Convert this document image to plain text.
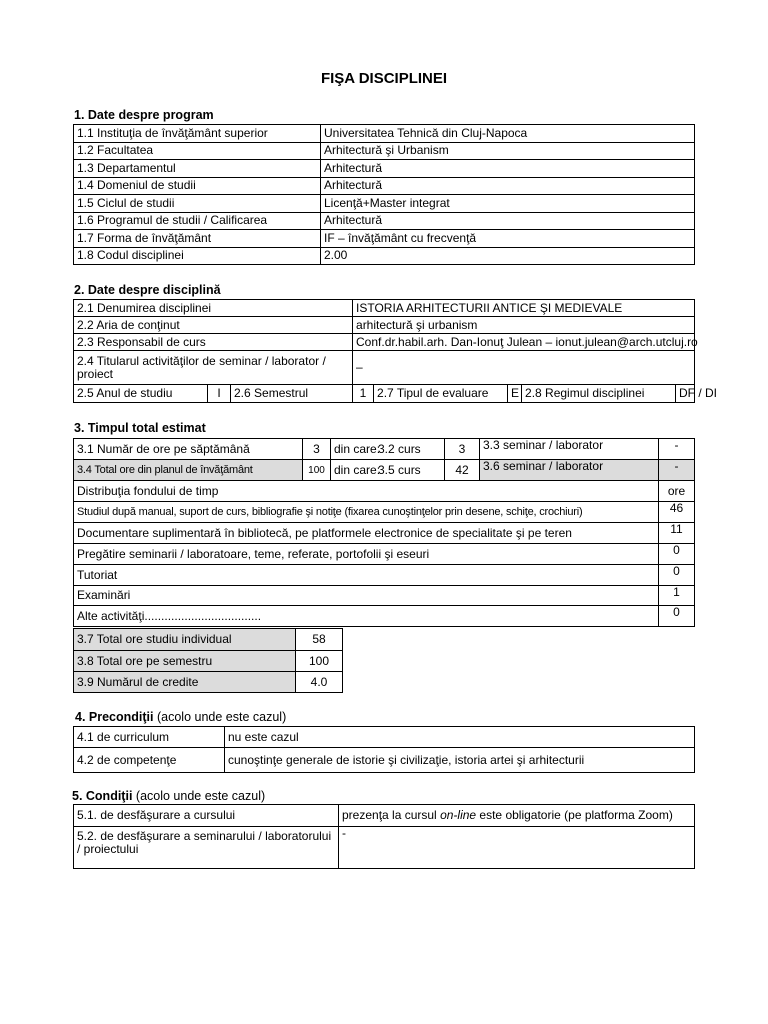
FIŞA DISCIPLINEI
1. Date despre program
1.1 Instituţia de învăţământ superior	Universitatea Tehnică din Cluj-Napoca
1.2 Facultatea	Arhitectură şi Urbanism
1.3 Departamentul	Arhitectură
1.4 Domeniul de studii	Arhitectură
1.5 Ciclul de studii	Licenţă+Master integrat
1.6 Programul de studii / Calificarea	Arhitectură
1.7 Forma de învăţământ	IF – învăţământ cu frecvenţă
1.8 Codul disciplinei	2.00
2. Date despre disciplină
2.1 Denumirea disciplinei			ISTORIA ARHITECTURII ANTICE ŞI MEDIEVALE				
2.2 Aria de conţinut			arhitectură şi urbanism				
2.3 Responsabil de curs			Conf.dr.habil.arh. Dan-Ionuţ Julean – ionut.julean@arch.utcluj.ro				
2.4 Titularul activităţilor de seminar / laborator / proiect			–				
2.5 Anul de studiu	I	2.6 Semestrul	1	2.7 Tipul de evaluare	E	2.8 Regimul disciplinei	DF / DI
3. Timpul total estimat
3.1 Număr de ore pe săptămână	3	din care:3.2 curs	3	3.3 seminar / laborator	-
3.4 Total ore din planul de învăţământ	100	din care:3.5 curs	42	3.6 seminar / laborator	-
Distribuţia fondului de timp					ore
Studiul după manual, suport de curs, bibliografie şi notiţe (fixarea cunoştinţelor prin desene, schiţe, crochiuri)					46
Documentare suplimentară în bibliotecă, pe platformele electronice de specialitate şi pe teren					11
Pregătire seminarii / laboratoare, teme, referate, portofolii şi eseuri					0
Tutoriat					0
Examinări					1
Alte activităţi...................................					0
3.7 Total ore studiu individual	58
3.8 Total ore pe semestru	100
3.9 Numărul de credite	4.0
4. Precondiţii (acolo unde este cazul)
4.1 de curriculum	nu este cazul
4.2 de competenţe	cunoştinţe generale de istorie şi civilizaţie, istoria artei şi arhitecturii
5. Condiţii (acolo unde este cazul)
5.1. de desfăşurare a cursului	prezenţa la cursul on-line este obligatorie (pe platforma Zoom)
5.2. de desfăşurare a seminarului / laboratorului / proiectului	-
